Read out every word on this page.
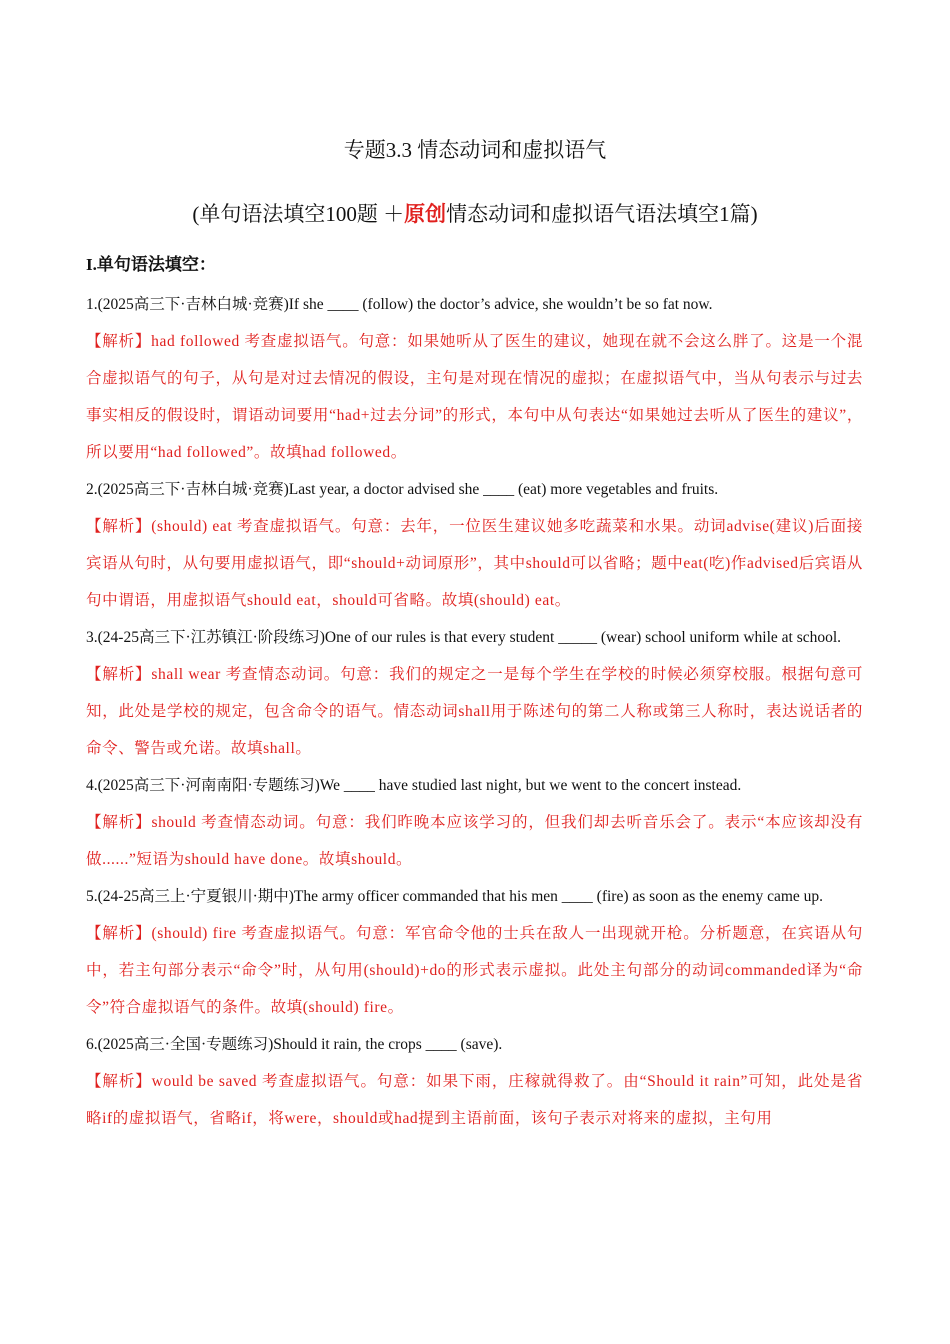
专题3.3 情态动词和虚拟语气
(单句语法填空100题 ＋原创情态动词和虚拟语气语法填空1篇)
I.单句语法填空：

1.(2025高三下·吉林白城·竞赛)If she ____ (follow) the doctor’s advice, she wouldn’t be so fat now.

【解析】had followed 考查虚拟语气。句意：如果她听从了医生的建议，她现在就不会这么胖了。这是一个混合虚拟语气的句子，从句是对过去情况的假设，主句是对现在情况的虚拟；在虚拟语气中，当从句表示与过去事实相反的假设时，谓语动词要用“had+过去分词”的形式，本句中从句表达“如果她过去听从了医生的建议”，所以要用“had followed”。故填had followed。

2.(2025高三下·吉林白城·竞赛)Last year, a doctor advised she ____ (eat) more vegetables and fruits.

【解析】(should) eat 考查虚拟语气。句意：去年，一位医生建议她多吃蔬菜和水果。动词advise(建议)后面接宾语从句时，从句要用虚拟语气，即“should+动词原形”，其中should可以省略；题中eat(吃)作advised后宾语从句中谓语，用虚拟语气should eat，should可省略。故填(should) eat。

3.(24-25高三下·江苏镇江·阶段练习)One of our rules is that every student _____ (wear) school uniform while at school.

【解析】shall wear 考查情态动词。句意：我们的规定之一是每个学生在学校的时候必须穿校服。根据句意可知，此处是学校的规定，包含命令的语气。情态动词shall用于陈述句的第二人称或第三人称时，表达说话者的命令、警告或允诺。故填shall。

4.(2025高三下·河南南阳·专题练习)We ____ have studied last night, but we went to the concert instead.

【解析】should 考查情态动词。句意：我们昨晚本应该学习的，但我们却去听音乐会了。表示“本应该却没有做......”短语为should have done。故填should。

5.(24-25高三上·宁夏银川·期中)The army officer commanded that his men ____ (fire) as soon as the enemy came up.

【解析】(should) fire 考查虚拟语气。句意：军官命令他的士兵在敌人一出现就开枪。分析题意，在宾语从句中，若主句部分表示“命令”时，从句用(should)+do的形式表示虚拟。此处主句部分的动词commanded译为“命令”符合虚拟语气的条件。故填(should) fire。

6.(2025高三·全国·专题练习)Should it rain, the crops ____ (save).

【解析】would be saved 考查虚拟语气。句意：如果下雨，庄稼就得救了。由“Should it rain”可知，此处是省略if的虚拟语气，省略if，将were，should或had提到主语前面，该句子表示对将来的虚拟，主句用
